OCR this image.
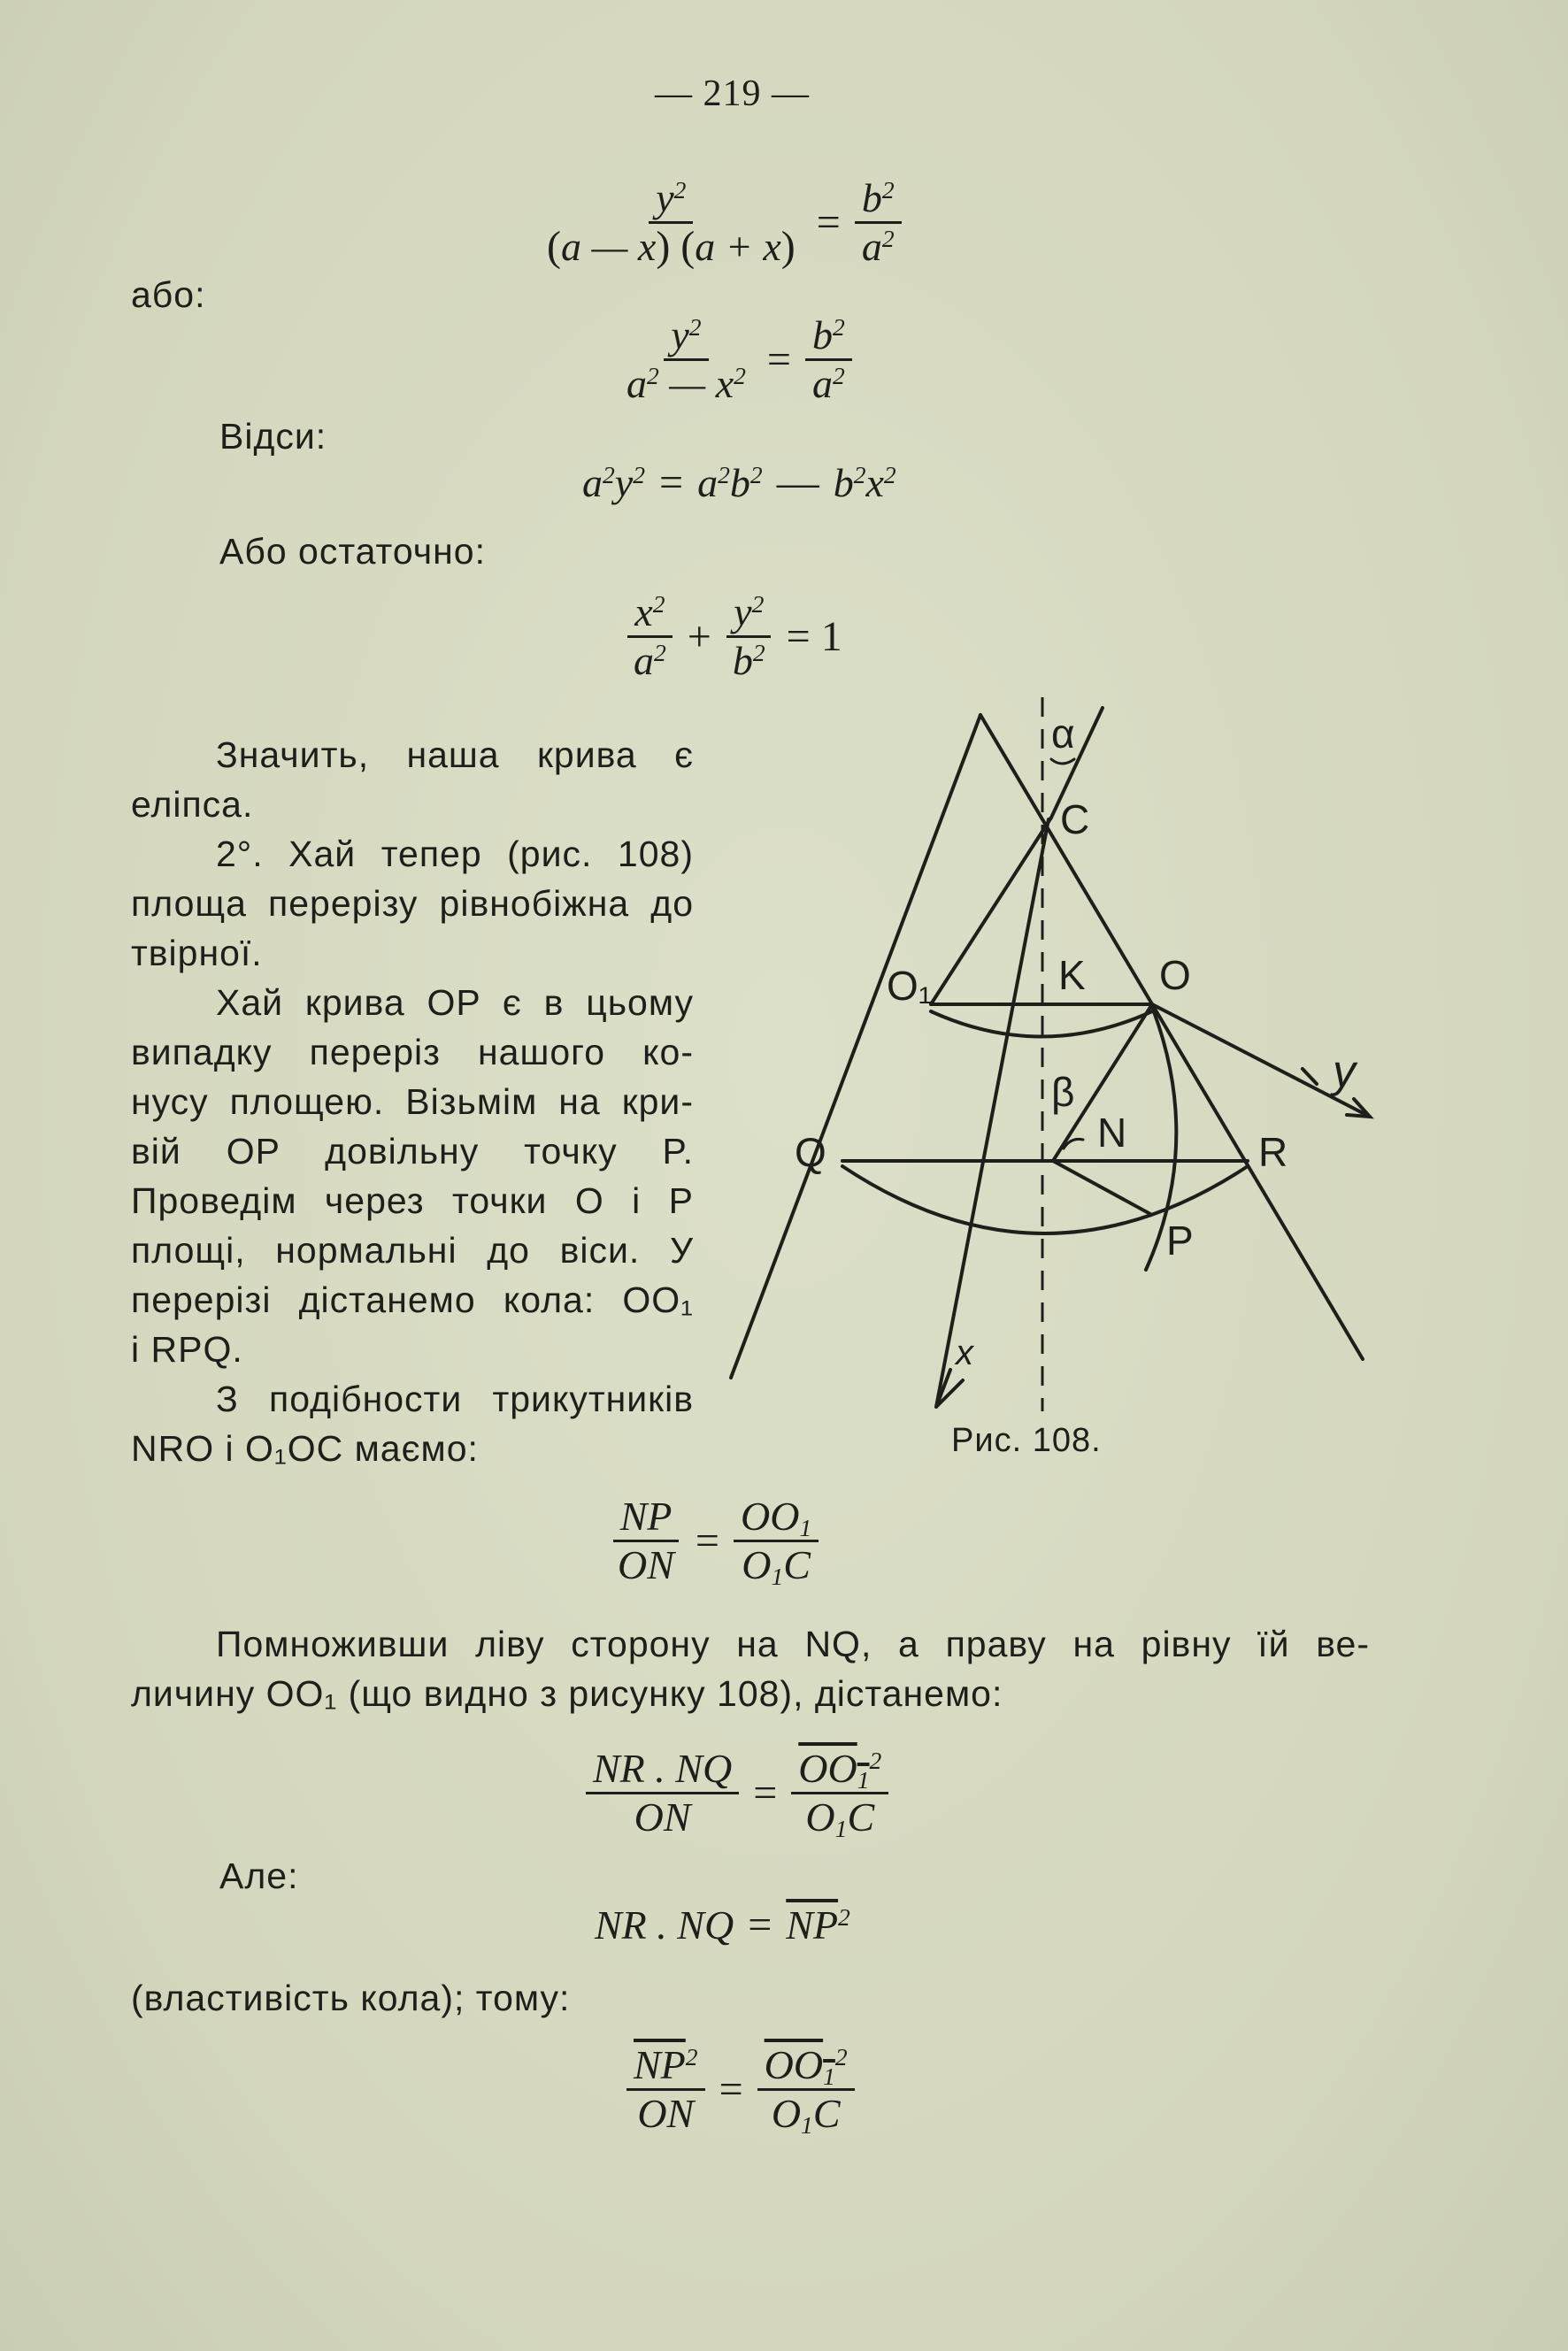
— 219 —
$\frac{y^2}{(a — x) (a + x)} = \frac{b^2}{a^2}$
або:
$\frac{y^2}{a^2 — x^2} = \frac{b^2}{a^2}$
Відси:
$a^2y^2 = a^2b^2$ — $b^2x^2$
Або остаточно:
$\frac{x^2}{a^2} + \frac{y^2}{b^2} = 1$
Значить, наша крива є
еліпса.
2°. Хай тепер (рис. 108)
площа перерізу рівнобіжна до
твірної.
Хай крива OP є в цьому
випадку переріз нашого ко-
нусу площею. Візьмім на кри-
вій OP довільну точку P.
Проведім через точки O і P
площі, нормальні до віси. У
перерізі дістанемо кола: OO₁
і RPQ.
З подібности трикутників
NRO і O₁OC маємо:
α
C
O₁	K O
y
β
N
Q	R
P
x
Рис. 108.
$\frac{NP}{ON} = \frac{OO_1}{O_1C}$
Помноживши ліву сторону на NQ, а праву на рівну їй ве-
личину OO₁ (що видно з рисунку 108), дістанемо:
$\frac{NR . NQ}{ON} = \frac{OO_1^2}{O_1C}$
Але:
NR . NQ = $\overline{NP}^2$
(властивість кола); тому:
$\frac{\overline{NP}^2}{ON} = \frac{OO_1^2}{O_1C}$
